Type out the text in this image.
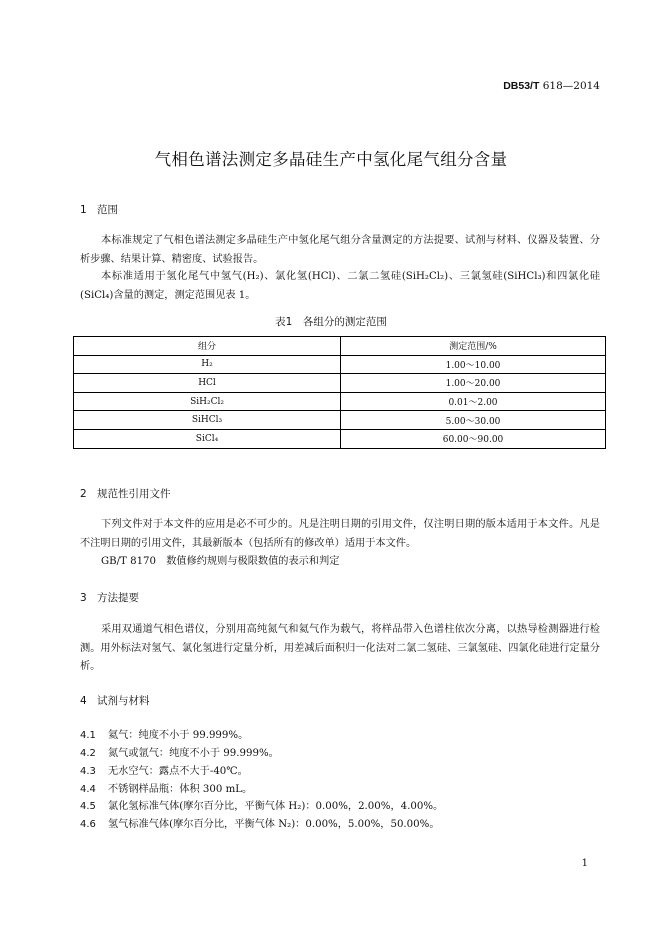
DB53/T 618—2014
气相色谱法测定多晶硅生产中氢化尾气组分含量
1 范围
本标准规定了气相色谱法测定多晶硅生产中氢化尾气组分含量测定的方法提要、试剂与材料、仪器及装置、分析步骤、结果计算、精密度、试验报告。
本标准适用于氢化尾气中氢气(H₂)、氯化氢(HCl)、二氯二氢硅(SiH₂Cl₂)、三氯氢硅(SiHCl₃)和四氯化硅(SiCl₄)含量的测定，测定范围见表 1。
表1　各组分的测定范围
组分	测定范围/%
H₂	1.00～10.00
HCl	1.00～20.00
SiH₂Cl₂	0.01～2.00
SiHCl₃	5.00～30.00
SiCl₄	60.00～90.00
2 规范性引用文件
下列文件对于本文件的应用是必不可少的。凡是注明日期的引用文件，仅注明日期的版本适用于本文件。凡是不注明日期的引用文件，其最新版本（包括所有的修改单）适用于本文件。
GB/T 8170　数值修约规则与极限数值的表示和判定
3 方法提要
采用双通道气相色谱仪，分别用高纯氮气和氦气作为载气，将样品带入色谱柱依次分离，以热导检测器进行检测。用外标法对氢气、氯化氢进行定量分析，用差减后面积归一化法对二氯二氢硅、三氯氢硅、四氯化硅进行定量分析。
4 试剂与材料
4.1 氦气：纯度不小于 99.999%。
4.2 氮气或氩气：纯度不小于 99.999%。
4.3 无水空气：露点不大于-40℃。
4.4 不锈钢样品瓶：体积 300 mL。
4.5 氯化氢标准气体(摩尔百分比，平衡气体 H₂)：0.00%，2.00%，4.00%。
4.6 氢气标准气体(摩尔百分比，平衡气体 N₂)：0.00%，5.00%，50.00%。
1
